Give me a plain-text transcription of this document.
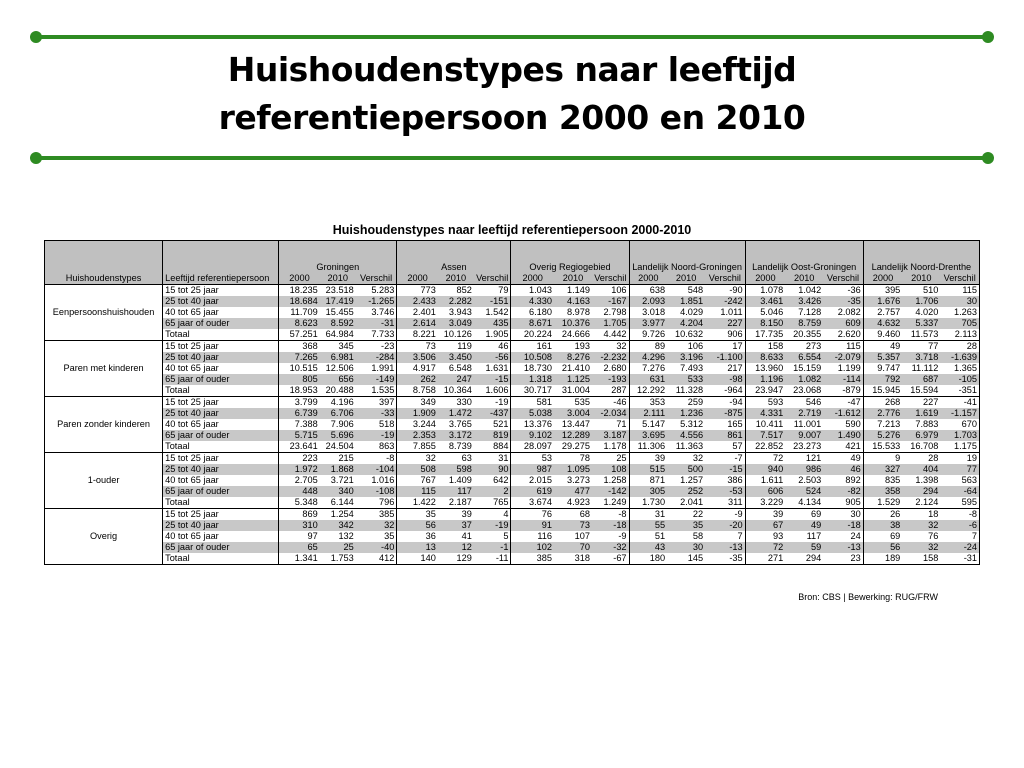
Huishoudenstypes naar leeftijd
referentiepersoon 2000 en 2010
Huishoudenstypes naar leeftijd referentiepersoon 2000-2010
Huishoudenstypes	Leeftijd referentiepersoon	Groningen			Assen			Overig Regiogebied			Landelijk Noord-Groningen			Landelijk Oost-Groningen			Landelijk Noord-Drenthe		
		2000	2010	Verschil	2000	2010	Verschil	2000	2010	Verschil	2000	2010	Verschil	2000	2010	Verschil	2000	2010	Verschil
Eenpersoonshuishouden	15 tot 25 jaar	18.235	23.518	5.283	773	852	79	1.043	1.149	106	638	548	-90	1.078	1.042	-36	395	510	115
	25 tot 40 jaar	18.684	17.419	-1.265	2.433	2.282	-151	4.330	4.163	-167	2.093	1.851	-242	3.461	3.426	-35	1.676	1.706	30
	40 tot 65 jaar	11.709	15.455	3.746	2.401	3.943	1.542	6.180	8.978	2.798	3.018	4.029	1.011	5.046	7.128	2.082	2.757	4.020	1.263
	65 jaar of ouder	8.623	8.592	-31	2.614	3.049	435	8.671	10.376	1.705	3.977	4.204	227	8.150	8.759	609	4.632	5.337	705
	Totaal	57.251	64.984	7.733	8.221	10.126	1.905	20.224	24.666	4.442	9.726	10.632	906	17.735	20.355	2.620	9.460	11.573	2.113
Paren met kinderen	15 tot 25 jaar	368	345	-23	73	119	46	161	193	32	89	106	17	158	273	115	49	77	28
	25 tot 40 jaar	7.265	6.981	-284	3.506	3.450	-56	10.508	8.276	-2.232	4.296	3.196	-1.100	8.633	6.554	-2.079	5.357	3.718	-1.639
	40 tot 65 jaar	10.515	12.506	1.991	4.917	6.548	1.631	18.730	21.410	2.680	7.276	7.493	217	13.960	15.159	1.199	9.747	11.112	1.365
	65 jaar of ouder	805	656	-149	262	247	-15	1.318	1.125	-193	631	533	-98	1.196	1.082	-114	792	687	-105
	Totaal	18.953	20.488	1.535	8.758	10.364	1.606	30.717	31.004	287	12.292	11.328	-964	23.947	23.068	-879	15.945	15.594	-351
Paren zonder kinderen	15 tot 25 jaar	3.799	4.196	397	349	330	-19	581	535	-46	353	259	-94	593	546	-47	268	227	-41
	25 tot 40 jaar	6.739	6.706	-33	1.909	1.472	-437	5.038	3.004	-2.034	2.111	1.236	-875	4.331	2.719	-1.612	2.776	1.619	-1.157
	40 tot 65 jaar	7.388	7.906	518	3.244	3.765	521	13.376	13.447	71	5.147	5.312	165	10.411	11.001	590	7.213	7.883	670
	65 jaar of ouder	5.715	5.696	-19	2.353	3.172	819	9.102	12.289	3.187	3.695	4.556	861	7.517	9.007	1.490	5.276	6.979	1.703
	Totaal	23.641	24.504	863	7.855	8.739	884	28.097	29.275	1.178	11.306	11.363	57	22.852	23.273	421	15.533	16.708	1.175
1-ouder	15 tot 25 jaar	223	215	-8	32	63	31	53	78	25	39	32	-7	72	121	49	9	28	19
	25 tot 40 jaar	1.972	1.868	-104	508	598	90	987	1.095	108	515	500	-15	940	986	46	327	404	77
	40 tot 65 jaar	2.705	3.721	1.016	767	1.409	642	2.015	3.273	1.258	871	1.257	386	1.611	2.503	892	835	1.398	563
	65 jaar of ouder	448	340	-108	115	117	2	619	477	-142	305	252	-53	606	524	-82	358	294	-64
	Totaal	5.348	6.144	796	1.422	2.187	765	3.674	4.923	1.249	1.730	2.041	311	3.229	4.134	905	1.529	2.124	595
Overig	15 tot 25 jaar	869	1.254	385	35	39	4	76	68	-8	31	22	-9	39	69	30	26	18	-8
	25 tot 40 jaar	310	342	32	56	37	-19	91	73	-18	55	35	-20	67	49	-18	38	32	-6
	40 tot 65 jaar	97	132	35	36	41	5	116	107	-9	51	58	7	93	117	24	69	76	7
	65 jaar of ouder	65	25	-40	13	12	-1	102	70	-32	43	30	-13	72	59	-13	56	32	-24
	Totaal	1.341	1.753	412	140	129	-11	385	318	-67	180	145	-35	271	294	23	189	158	-31
Bron: CBS | Bewerking: RUG/FRW
